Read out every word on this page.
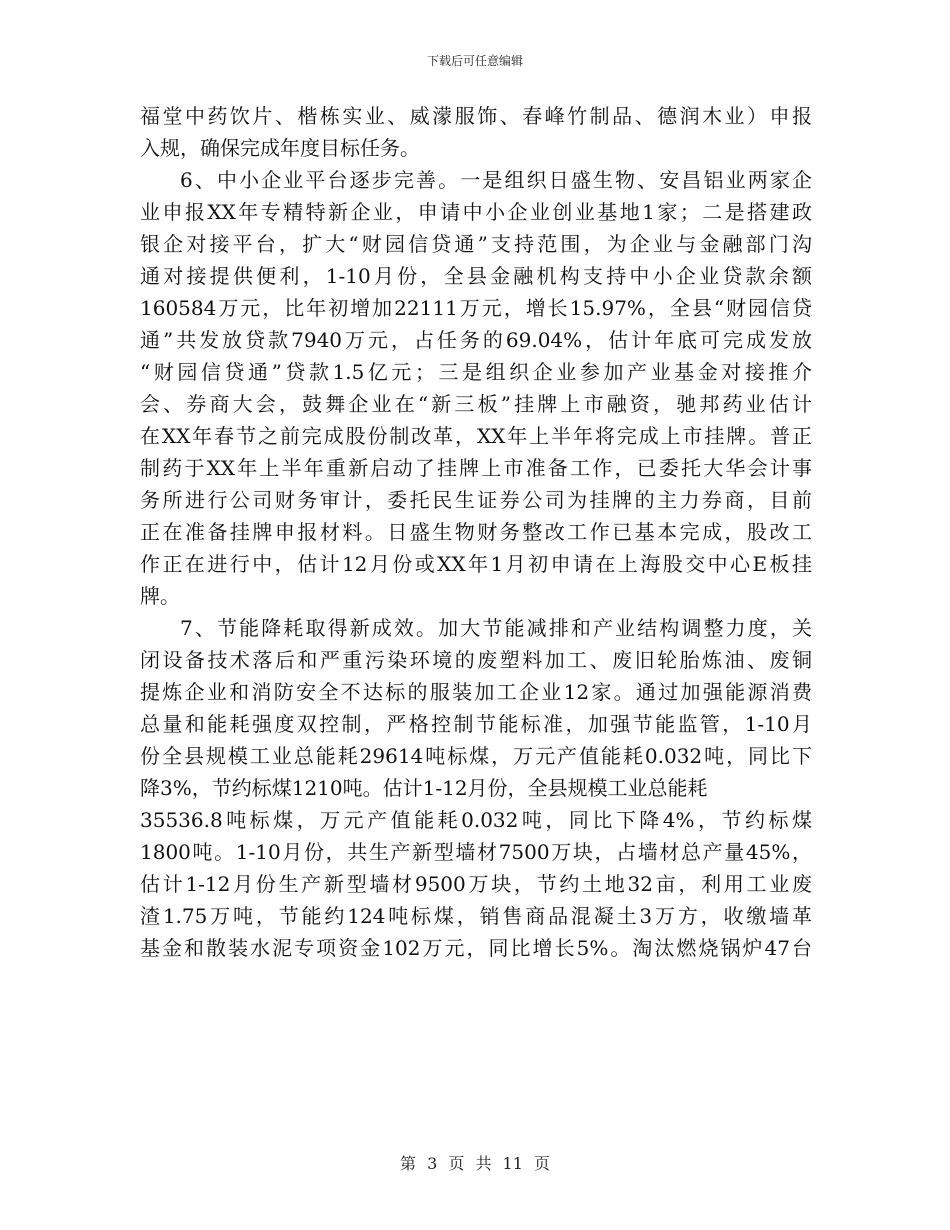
下载后可任意编辑
福堂中药饮片、楷栋实业、威濛服饰、春峰竹制品、德润木业）申报
入规，确保完成年度目标任务。
6、中小企业平台逐步完善。一是组织日盛生物、安昌铝业两家企
业申报XX年专精特新企业，申请中小企业创业基地1家；二是搭建政
银企对接平台，扩大“财园信贷通”支持范围，为企业与金融部门沟
通对接提供便利，1-10月份，全县金融机构支持中小企业贷款余额
160584万元，比年初增加22111万元，增长15.97%，全县“财园信贷
通”共发放贷款7940万元，占任务的69.04%，估计年底可完成发放
“财园信贷通”贷款1.5亿元；三是组织企业参加产业基金对接推介
会、券商大会，鼓舞企业在“新三板”挂牌上市融资，驰邦药业估计
在XX年春节之前完成股份制改革，XX年上半年将完成上市挂牌。普正
制药于XX年上半年重新启动了挂牌上市准备工作，已委托大华会计事
务所进行公司财务审计，委托民生证券公司为挂牌的主力券商，目前
正在准备挂牌申报材料。日盛生物财务整改工作已基本完成，股改工
作正在进行中，估计12月份或XX年1月初申请在上海股交中心E板挂
牌。
7、节能降耗取得新成效。加大节能减排和产业结构调整力度，关
闭设备技术落后和严重污染环境的废塑料加工、废旧轮胎炼油、废铜
提炼企业和消防安全不达标的服装加工企业12家。通过加强能源消费
总量和能耗强度双控制，严格控制节能标准，加强节能监管，1-10月
份全县规模工业总能耗29614吨标煤，万元产值能耗0.032吨，同比下
降3%，节约标煤1210吨。估计1-12月份，全县规模工业总能耗
35536.8吨标煤，万元产值能耗0.032吨，同比下降4%，节约标煤
1800吨。1-10月份，共生产新型墙材7500万块，占墙材总产量45%，
估计1-12月份生产新型墙材9500万块，节约土地32亩，利用工业废
渣1.75万吨，节能约124吨标煤，销售商品混凝土3万方，收缴墙革
基金和散装水泥专项资金102万元，同比增长5%。淘汰燃烧锅炉47台
第 3 页 共 11 页
